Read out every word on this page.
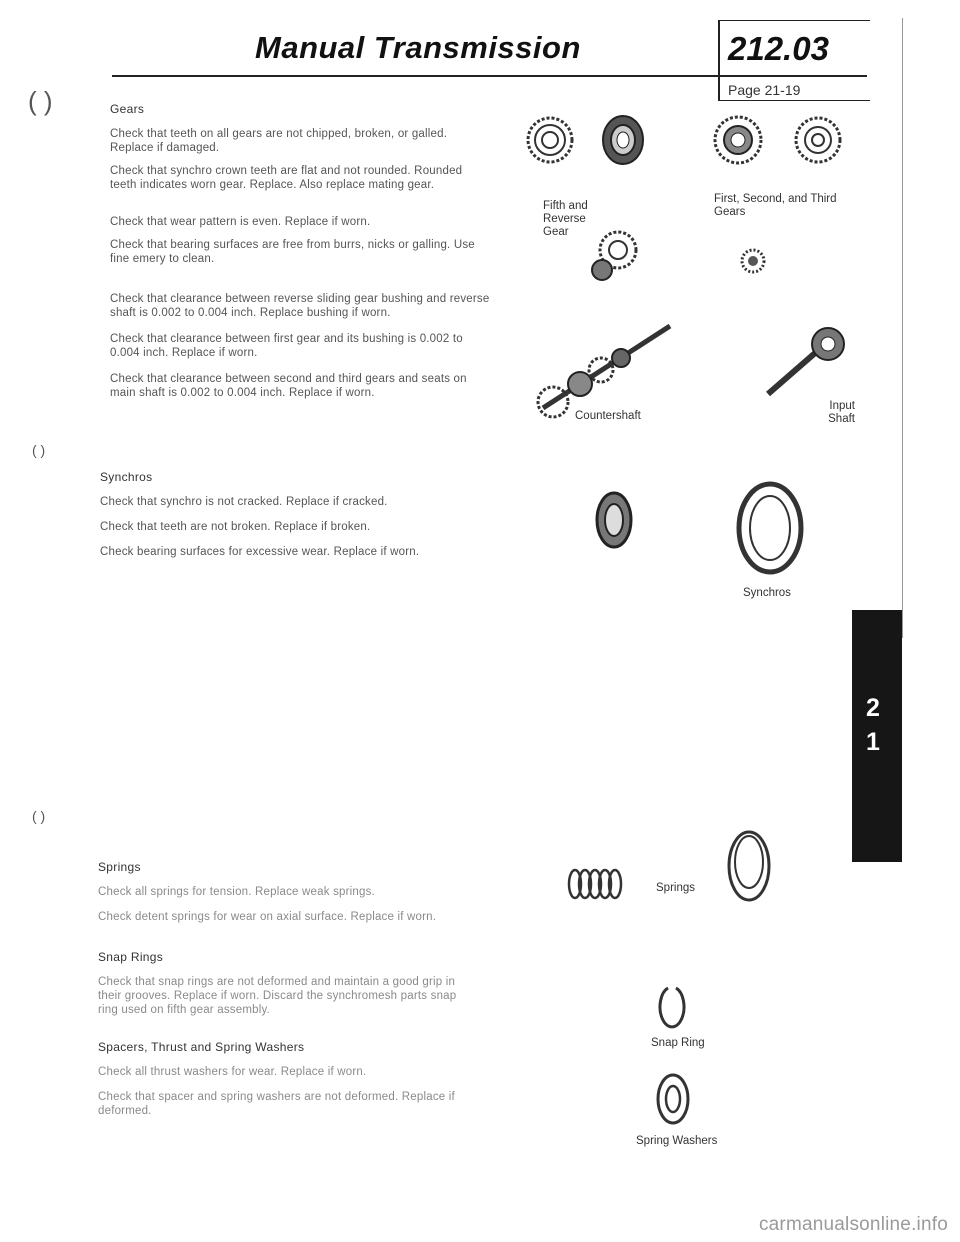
Manual Transmission	212.03
Page 21-19
( )
( )
( )
Gears
Check that teeth on all gears are not chipped, broken, or galled. Replace if damaged.
Check that synchro crown teeth are flat and not rounded. Rounded teeth indicates worn gear. Replace. Also replace mating gear.
Check that wear pattern is even. Replace if worn.
Check that bearing surfaces are free from burrs, nicks or galling. Use fine emery to clean.
Check that clearance between reverse sliding gear bushing and reverse shaft is 0.002 to 0.004 inch. Replace bushing if worn.
Check that clearance between first gear and its bushing is 0.002 to 0.004 inch. Replace if worn.
Check that clearance between second and third gears and seats on main shaft is 0.002 to 0.004 inch. Replace if worn.
Synchros
Check that synchro is not cracked. Replace if cracked.
Check that teeth are not broken. Replace if broken.
Check bearing surfaces for excessive wear. Replace if worn.
Springs
Check all springs for tension. Replace weak springs.
Check detent springs for wear on axial surface. Replace if worn.
Snap Rings
Check that snap rings are not deformed and maintain a good grip in their grooves. Replace if worn. Discard the synchromesh parts snap ring used on fifth gear assembly.
Spacers, Thrust and Spring Washers
Check all thrust washers for wear. Replace if worn.
Check that spacer and spring washers are not deformed. Replace if deformed.
Fifth and Reverse Gear
First, Second, and Third Gears
Countershaft
Input Shaft
Synchros
Springs
Snap Ring
Spring Washers
2
1
carmanualsonline.info
